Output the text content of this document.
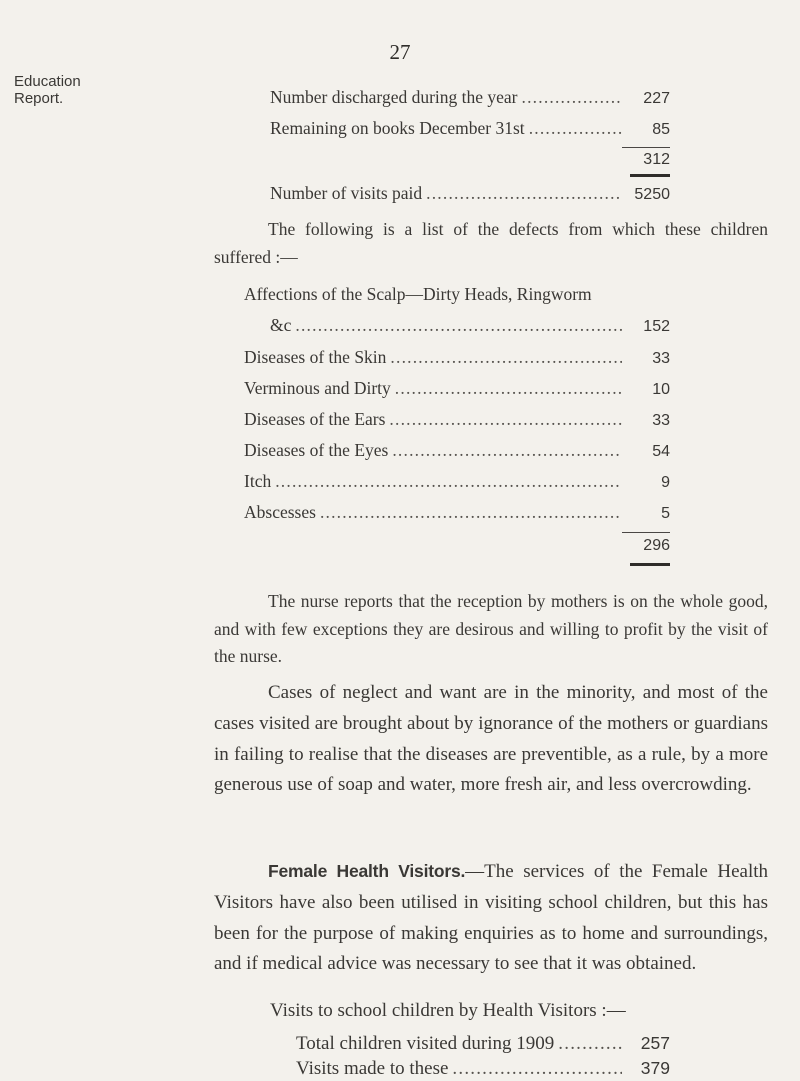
27
Education
Report.	Number discharged during the year .....	227
Remaining on books December 31st .....	85
312
Number of visits paid .....	5250

The following is a list of the defects from which these children suffered :—

Affections of the Scalp—Dirty Heads, Ringworm
&c .....	152
Diseases of the Skin .....	33
Verminous and Dirty .....	10
Diseases of the Ears .....	33
Diseases of the Eyes .....	54
Itch .....	9
Abscesses .....	5
296

The nurse reports that the reception by mothers is on the whole good, and with few exceptions they are desirous and willing to profit by the visit of the nurse.

Cases of neglect and want are in the minority, and most of the cases visited are brought about by ignorance of the mothers or guardians in failing to realise that the diseases are preventible, as a rule, by a more generous use of soap and water, more fresh air, and less overcrowding.

Female Health Visitors.—The services of the Female Health Visitors have also been utilised in visiting school children, but this has been for the purpose of making enquiries as to home and surroundings, and if medical advice was necessary to see that it was obtained.

Visits to school children by Health Visitors :—
Total children visited during 1909 .....	257
Visits made to these .....	379
